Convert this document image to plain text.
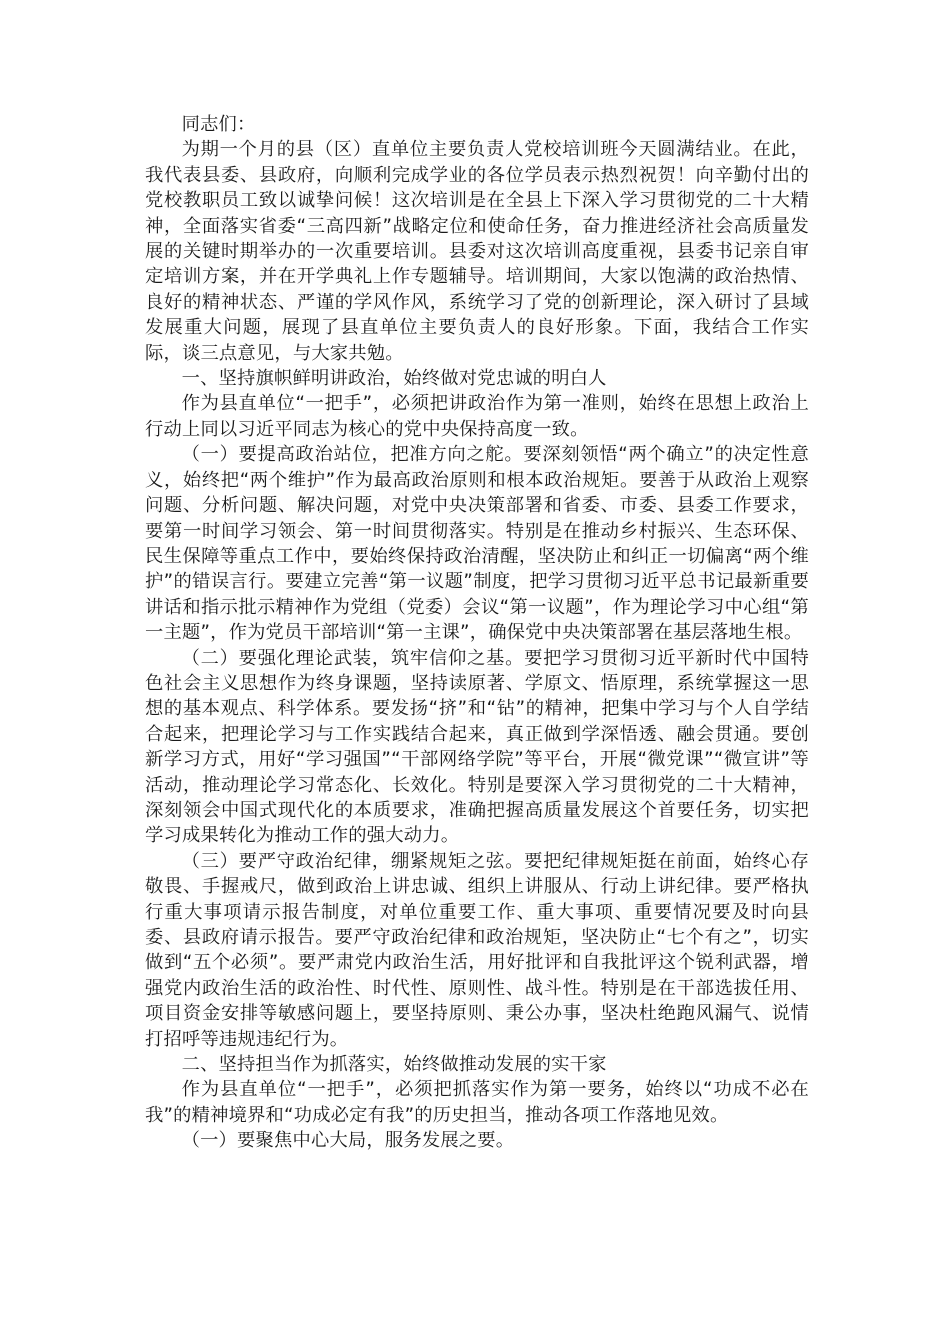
同志们：

为期一个月的县（区）直单位主要负责人党校培训班今天圆满结业。在此，我代表县委、县政府，向顺利完成学业的各位学员表示热烈祝贺！向辛勤付出的党校教职员工致以诚挚问候！这次培训是在全县上下深入学习贯彻党的二十大精神，全面落实省委“三高四新”战略定位和使命任务，奋力推进经济社会高质量发展的关键时期举办的一次重要培训。县委对这次培训高度重视，县委书记亲自审定培训方案，并在开学典礼上作专题辅导。培训期间，大家以饱满的政治热情、良好的精神状态、严谨的学风作风，系统学习了党的创新理论，深入研讨了县域发展重大问题，展现了县直单位主要负责人的良好形象。下面，我结合工作实际，谈三点意见，与大家共勉。

一、坚持旗帜鲜明讲政治，始终做对党忠诚的明白人

作为县直单位“一把手”，必须把讲政治作为第一准则，始终在思想上政治上行动上同以习近平同志为核心的党中央保持高度一致。

（一）要提高政治站位，把准方向之舵。要深刻领悟“两个确立”的决定性意义，始终把“两个维护”作为最高政治原则和根本政治规矩。要善于从政治上观察问题、分析问题、解决问题，对党中央决策部署和省委、市委、县委工作要求，要第一时间学习领会、第一时间贯彻落实。特别是在推动乡村振兴、生态环保、民生保障等重点工作中，要始终保持政治清醒，坚决防止和纠正一切偏离“两个维护”的错误言行。要建立完善“第一议题”制度，把学习贯彻习近平总书记最新重要讲话和指示批示精神作为党组（党委）会议“第一议题”，作为理论学习中心组“第一主题”，作为党员干部培训“第一主课”，确保党中央决策部署在基层落地生根。

（二）要强化理论武装，筑牢信仰之基。要把学习贯彻习近平新时代中国特色社会主义思想作为终身课题，坚持读原著、学原文、悟原理，系统掌握这一思想的基本观点、科学体系。要发扬“挤”和“钻”的精神，把集中学习与个人自学结合起来，把理论学习与工作实践结合起来，真正做到学深悟透、融会贯通。要创新学习方式，用好“学习强国”“干部网络学院”等平台，开展“微党课”“微宣讲”等活动，推动理论学习常态化、长效化。特别是要深入学习贯彻党的二十大精神，深刻领会中国式现代化的本质要求，准确把握高质量发展这个首要任务，切实把学习成果转化为推动工作的强大动力。

（三）要严守政治纪律，绷紧规矩之弦。要把纪律规矩挺在前面，始终心存敬畏、手握戒尺，做到政治上讲忠诚、组织上讲服从、行动上讲纪律。要严格执行重大事项请示报告制度，对单位重要工作、重大事项、重要情况要及时向县委、县政府请示报告。要严守政治纪律和政治规矩，坚决防止“七个有之”，切实做到“五个必须”。要严肃党内政治生活，用好批评和自我批评这个锐利武器，增强党内政治生活的政治性、时代性、原则性、战斗性。特别是在干部选拔任用、项目资金安排等敏感问题上，要坚持原则、秉公办事，坚决杜绝跑风漏气、说情打招呼等违规违纪行为。

二、坚持担当作为抓落实，始终做推动发展的实干家

作为县直单位“一把手”，必须把抓落实作为第一要务，始终以“功成不必在我”的精神境界和“功成必定有我”的历史担当，推动各项工作落地见效。

（一）要聚焦中心大局，服务发展之要。
